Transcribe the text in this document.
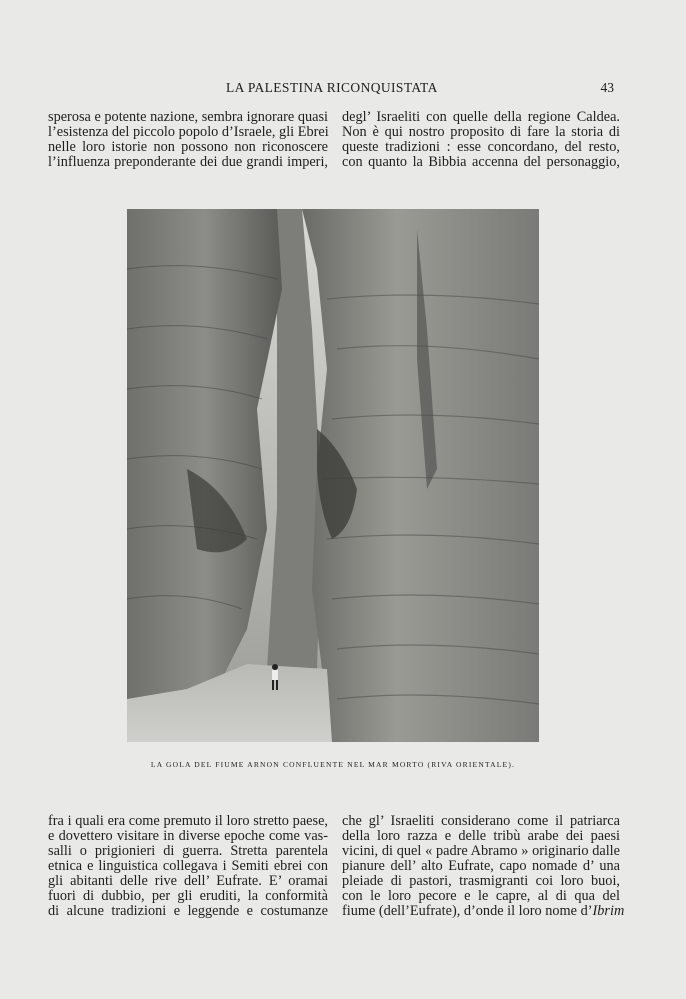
LA PALESTINA RICONQUISTATA	43
sperosa e potente nazione, sembra ignorare quasi
l’esistenza del piccolo popolo d’Israele, gli Ebrei
nelle loro istorie non possono non riconoscere
l’influenza preponderante dei due grandi imperi,
degl’ Israeliti con quelle della regione Caldea.
Non è qui nostro proposito di fare la storia di
queste tradizioni : esse concordano, del resto,
con quanto la Bibbia accenna del personaggio,
LA GOLA DEL FIUME ARNON CONFLUENTE NEL MAR MORTO (RIVA ORIENTALE).
fra i quali era come premuto il loro stretto paese,
e dovettero visitare in diverse epoche come vas-
salli o prigionieri di guerra. Stretta parentela
etnica e linguistica collegava i Semiti ebrei con
gli abitanti delle rive dell’ Eufrate. E’ oramai
fuori di dubbio, per gli eruditi, la conformità
di alcune tradizioni e leggende e costumanze
che gl’ Israeliti considerano come il patriarca
della loro razza e delle tribù arabe dei paesi
vicini, di quel « padre Abramo » originario dalle
pianure dell’ alto Eufrate, capo nomade d’ una
pleiade di pastori, trasmigranti coi loro buoi,
con le loro pecore e le capre, al di qua del
fiume (dell’Eufrate), d’onde il loro nome d’Ibrim
